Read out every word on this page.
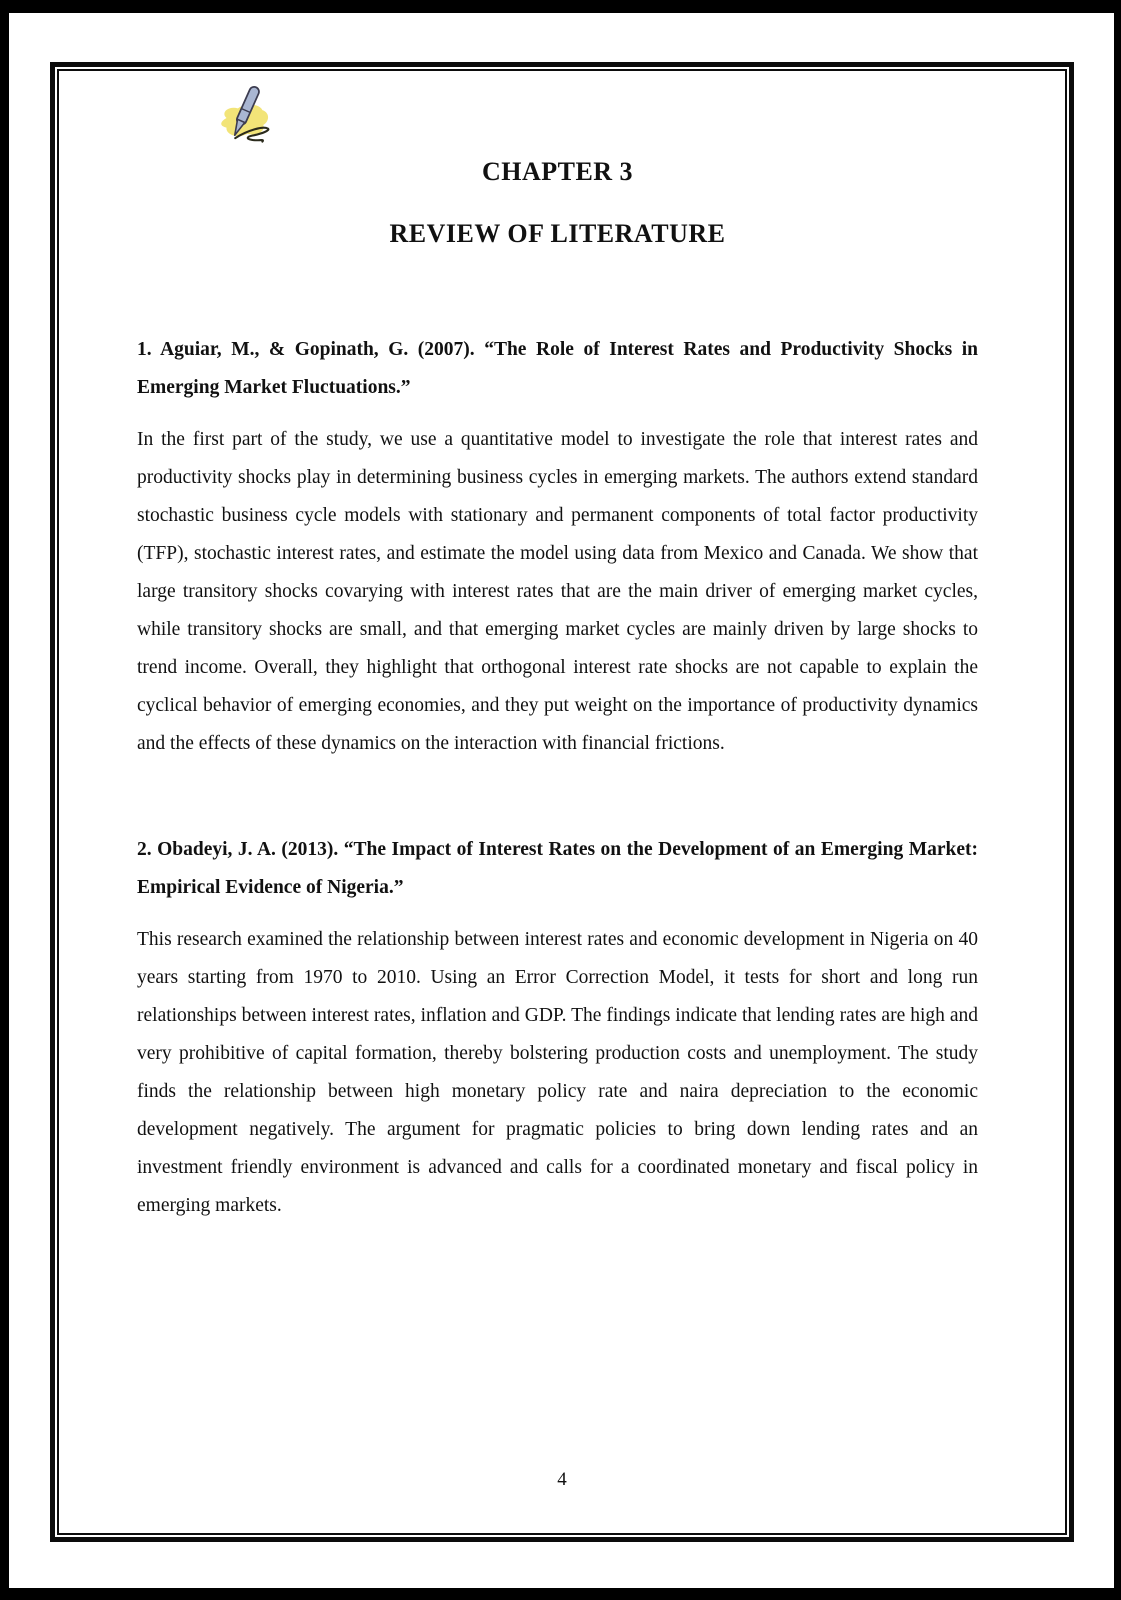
CHAPTER 3
REVIEW OF LITERATURE

1. Aguiar, M., & Gopinath, G. (2007). “The Role of Interest Rates and Productivity Shocks in Emerging Market Fluctuations.”

In the first part of the study, we use a quantitative model to investigate the role that interest rates and productivity shocks play in determining business cycles in emerging markets. The authors extend standard stochastic business cycle models with stationary and permanent components of total factor productivity (TFP), stochastic interest rates, and estimate the model using data from Mexico and Canada. We show that large transitory shocks covarying with interest rates that are the main driver of emerging market cycles, while transitory shocks are small, and that emerging market cycles are mainly driven by large shocks to trend income. Overall, they highlight that orthogonal interest rate shocks are not capable to explain the cyclical behavior of emerging economies, and they put weight on the importance of productivity dynamics and the effects of these dynamics on the interaction with financial frictions.

2. Obadeyi, J. A. (2013). “The Impact of Interest Rates on the Development of an Emerging Market: Empirical Evidence of Nigeria.”

This research examined the relationship between interest rates and economic development in Nigeria on 40 years starting from 1970 to 2010. Using an Error Correction Model, it tests for short and long run relationships between interest rates, inflation and GDP. The findings indicate that lending rates are high and very prohibitive of capital formation, thereby bolstering production costs and unemployment. The study finds the relationship between high monetary policy rate and naira depreciation to the economic development negatively. The argument for pragmatic policies to bring down lending rates and an investment friendly environment is advanced and calls for a coordinated monetary and fiscal policy in emerging markets.

4
